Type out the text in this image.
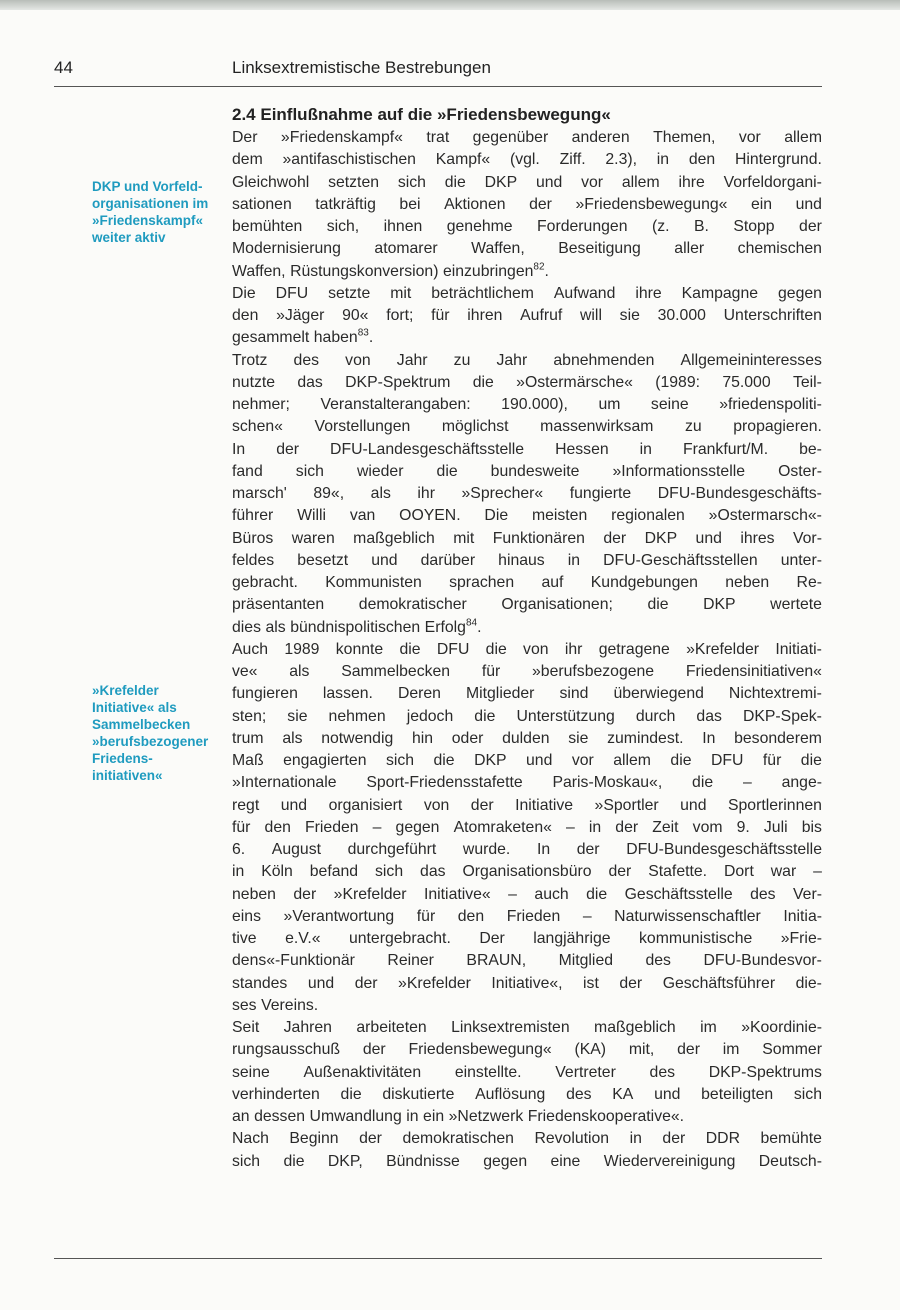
44	Linksextremistische Bestrebungen
DKP und Vorfeld-
organisationen im
»Friedenskampf«
weiter aktiv
»Krefelder
Initiative« als
Sammelbecken
»berufsbezogener
Friedens-
initiativen«
2.4 Einflußnahme auf die »Friedensbewegung«
Der »Friedenskampf« trat gegenüber anderen Themen, vor allem
dem »antifaschistischen Kampf« (vgl. Ziff. 2.3), in den Hintergrund.
Gleichwohl setzten sich die DKP und vor allem ihre Vorfeldorgani-
sationen tatkräftig bei Aktionen der »Friedensbewegung« ein und
bemühten sich, ihnen genehme Forderungen (z. B. Stopp der
Modernisierung atomarer Waffen, Beseitigung aller chemischen
Waffen, Rüstungskonversion) einzubringen$^{82}$.
Die DFU setzte mit beträchtlichem Aufwand ihre Kampagne gegen
den »Jäger 90« fort; für ihren Aufruf will sie 30.000 Unterschriften
gesammelt haben$^{83}$.
Trotz des von Jahr zu Jahr abnehmenden Allgemeininteresses
nutzte das DKP-Spektrum die »Ostermärsche« (1989: 75.000 Teil-
nehmer; Veranstalterangaben: 190.000), um seine »friedenspoliti-
schen« Vorstellungen möglichst massenwirksam zu propagieren.
In der DFU-Landesgeschäftsstelle Hessen in Frankfurt/M. be-
fand sich wieder die bundesweite »Informationsstelle Oster-
marsch' 89«, als ihr »Sprecher« fungierte DFU-Bundesgeschäfts-
führer Willi van OOYEN. Die meisten regionalen »Ostermarsch«-
Büros waren maßgeblich mit Funktionären der DKP und ihres Vor-
feldes besetzt und darüber hinaus in DFU-Geschäftsstellen unter-
gebracht. Kommunisten sprachen auf Kundgebungen neben Re-
präsentanten demokratischer Organisationen; die DKP wertete
dies als bündnispolitischen Erfolg$^{84}$.
Auch 1989 konnte die DFU die von ihr getragene »Krefelder Initiati-
ve« als Sammelbecken für »berufsbezogene Friedensinitiativen«
fungieren lassen. Deren Mitglieder sind überwiegend Nichtextremi-
sten; sie nehmen jedoch die Unterstützung durch das DKP-Spek-
trum als notwendig hin oder dulden sie zumindest. In besonderem
Maß engagierten sich die DKP und vor allem die DFU für die
»Internationale Sport-Friedensstafette Paris-Moskau«, die – ange-
regt und organisiert von der Initiative »Sportler und Sportlerinnen
für den Frieden – gegen Atomraketen« – in der Zeit vom 9. Juli bis
6. August durchgeführt wurde. In der DFU-Bundesgeschäftsstelle
in Köln befand sich das Organisationsbüro der Stafette. Dort war –
neben der »Krefelder Initiative« – auch die Geschäftsstelle des Ver-
eins »Verantwortung für den Frieden – Naturwissenschaftler Initia-
tive e.V.« untergebracht. Der langjährige kommunistische »Frie-
dens«-Funktionär Reiner BRAUN, Mitglied des DFU-Bundesvor-
standes und der »Krefelder Initiative«, ist der Geschäftsführer die-
ses Vereins.
Seit Jahren arbeiteten Linksextremisten maßgeblich im »Koordinie-
rungsausschuß der Friedensbewegung« (KA) mit, der im Sommer
seine Außenaktivitäten einstellte. Vertreter des DKP-Spektrums
verhinderten die diskutierte Auflösung des KA und beteiligten sich
an dessen Umwandlung in ein »Netzwerk Friedenskooperative«.
Nach Beginn der demokratischen Revolution in der DDR bemühte
sich die DKP, Bündnisse gegen eine Wiedervereinigung Deutsch-
